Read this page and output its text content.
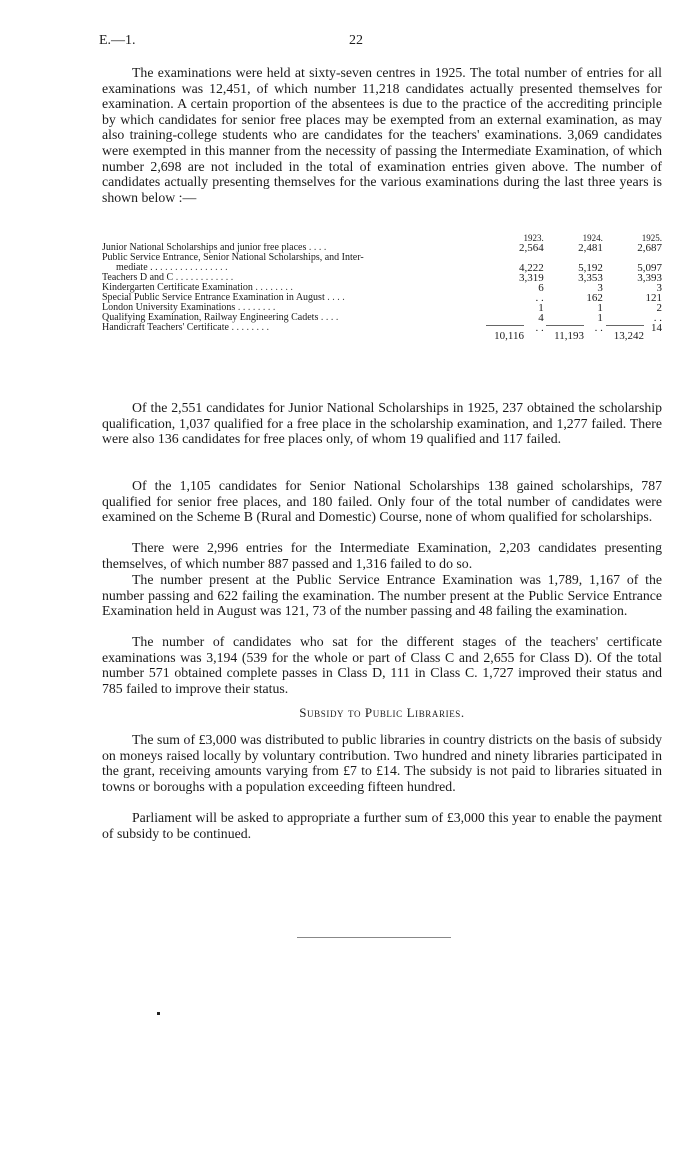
E.—1.	22

The examinations were held at sixty-seven centres in 1925. The total number of entries for all examinations was 12,451, of which number 11,218 candidates actually presented themselves for examination. A certain proportion of the absentees is due to the practice of the accrediting principle by which candidates for senior free places may be exempted from an external examination, as may also training-college students who are candidates for the teachers' examinations. 3,069 candidates were exempted in this manner from the necessity of passing the Intermediate Examination, of which number 2,698 are not included in the total of examination entries given above. The number of candidates actually presenting themselves for the various examinations during the last three years is shown below :—

	1923.	1924.	1925.
Junior National Scholarships and junior free places . . . .	2,564	2,481	2,687
Public Service Entrance, Senior National Scholarships, and Inter-			
mediate . . . . . . . . . . . . . . . .	4,222	5,192	5,097
Teachers D and C . . . . . . . . . . . .	3,319	3,353	3,393
Kindergarten Certificate Examination . . . . . . . .	6	3	3
Special Public Service Entrance Examination in August . . . .	. .	162	121
London University Examinations . . . . . . . .	1	1	2
Qualifying Examination, Railway Engineering Cadets . . . .	4	1	. .
Handicraft Teachers' Certificate . . . . . . . .	. .	. .	14
10,116	11,193	13,242

Of the 2,551 candidates for Junior National Scholarships in 1925, 237 obtained the scholarship qualification, 1,037 qualified for a free place in the scholarship examination, and 1,277 failed. There were also 136 candidates for free places only, of whom 19 qualified and 117 failed.

Of the 1,105 candidates for Senior National Scholarships 138 gained scholarships, 787 qualified for senior free places, and 180 failed. Only four of the total number of candidates were examined on the Scheme B (Rural and Domestic) Course, none of whom qualified for scholarships.

There were 2,996 entries for the Intermediate Examination, 2,203 candidates presenting themselves, of which number 887 passed and 1,316 failed to do so.

The number present at the Public Service Entrance Examination was 1,789, 1,167 of the number passing and 622 failing the examination. The number present at the Public Service Entrance Examination held in August was 121, 73 of the number passing and 48 failing the examination.

The number of candidates who sat for the different stages of the teachers' certificate examinations was 3,194 (539 for the whole or part of Class C and 2,655 for Class D). Of the total number 571 obtained complete passes in Class D, 111 in Class C. 1,727 improved their status and 785 failed to improve their status.

Subsidy to Public Libraries.

The sum of £3,000 was distributed to public libraries in country districts on the basis of subsidy on moneys raised locally by voluntary contribution. Two hundred and ninety libraries participated in the grant, receiving amounts varying from £7 to £14. The subsidy is not paid to libraries situated in towns or boroughs with a population exceeding fifteen hundred.

Parliament will be asked to appropriate a further sum of £3,000 this year to enable the payment of subsidy to be continued.
